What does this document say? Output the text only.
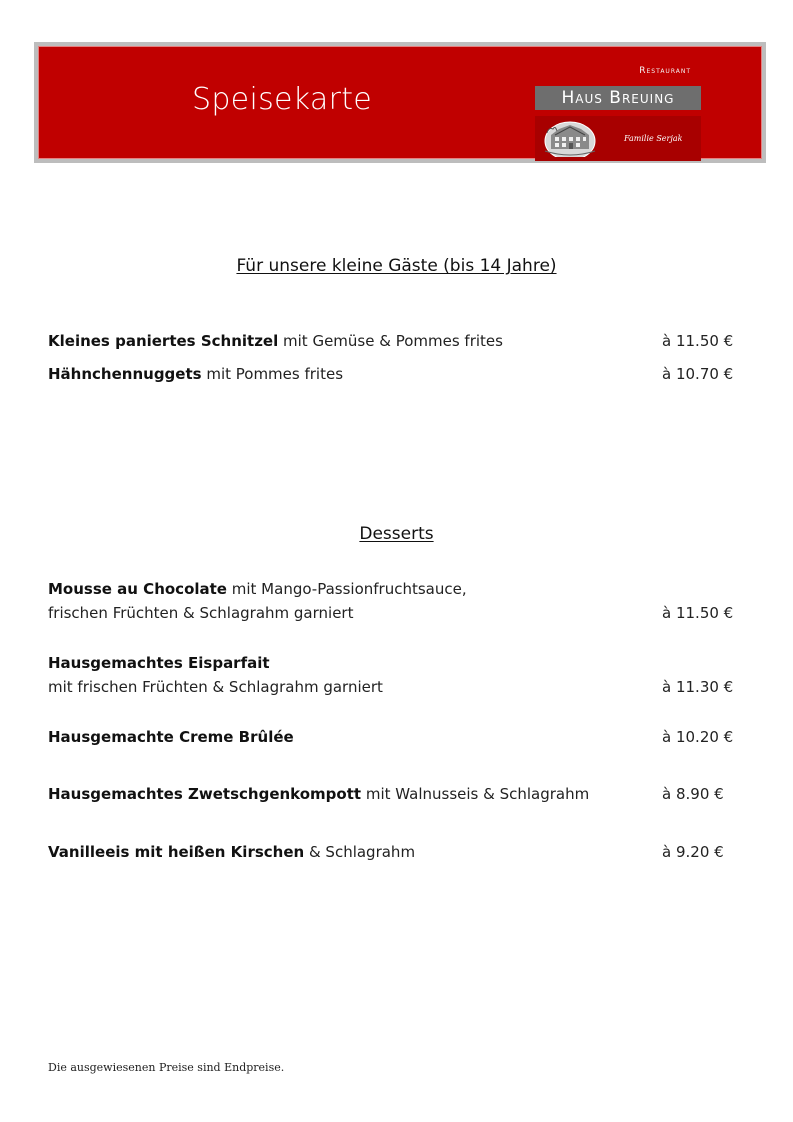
Speisekarte
Restaurant
Haus Breuing
Familie Serjak
Für unsere kleine Gäste (bis 14 Jahre)
Kleines paniertes Schnitzel mit Gemüse & Pommes frites	à 11.50 €
Hähnchennuggets mit Pommes frites	à 10.70 €
Desserts
Mousse au Chocolate mit Mango-Passionfruchtsauce,
frischen Früchten & Schlagrahm garniert	à 11.50 €
Hausgemachtes Eisparfait
mit frischen Früchten & Schlagrahm garniert	à 11.30 €
Hausgemachte Creme Brûlée	à 10.20 €
Hausgemachtes Zwetschgenkompott mit Walnusseis & Schlagrahm	à 8.90 €
Vanilleeis mit heißen Kirschen & Schlagrahm	à 9.20 €
Die ausgewiesenen Preise sind Endpreise.
